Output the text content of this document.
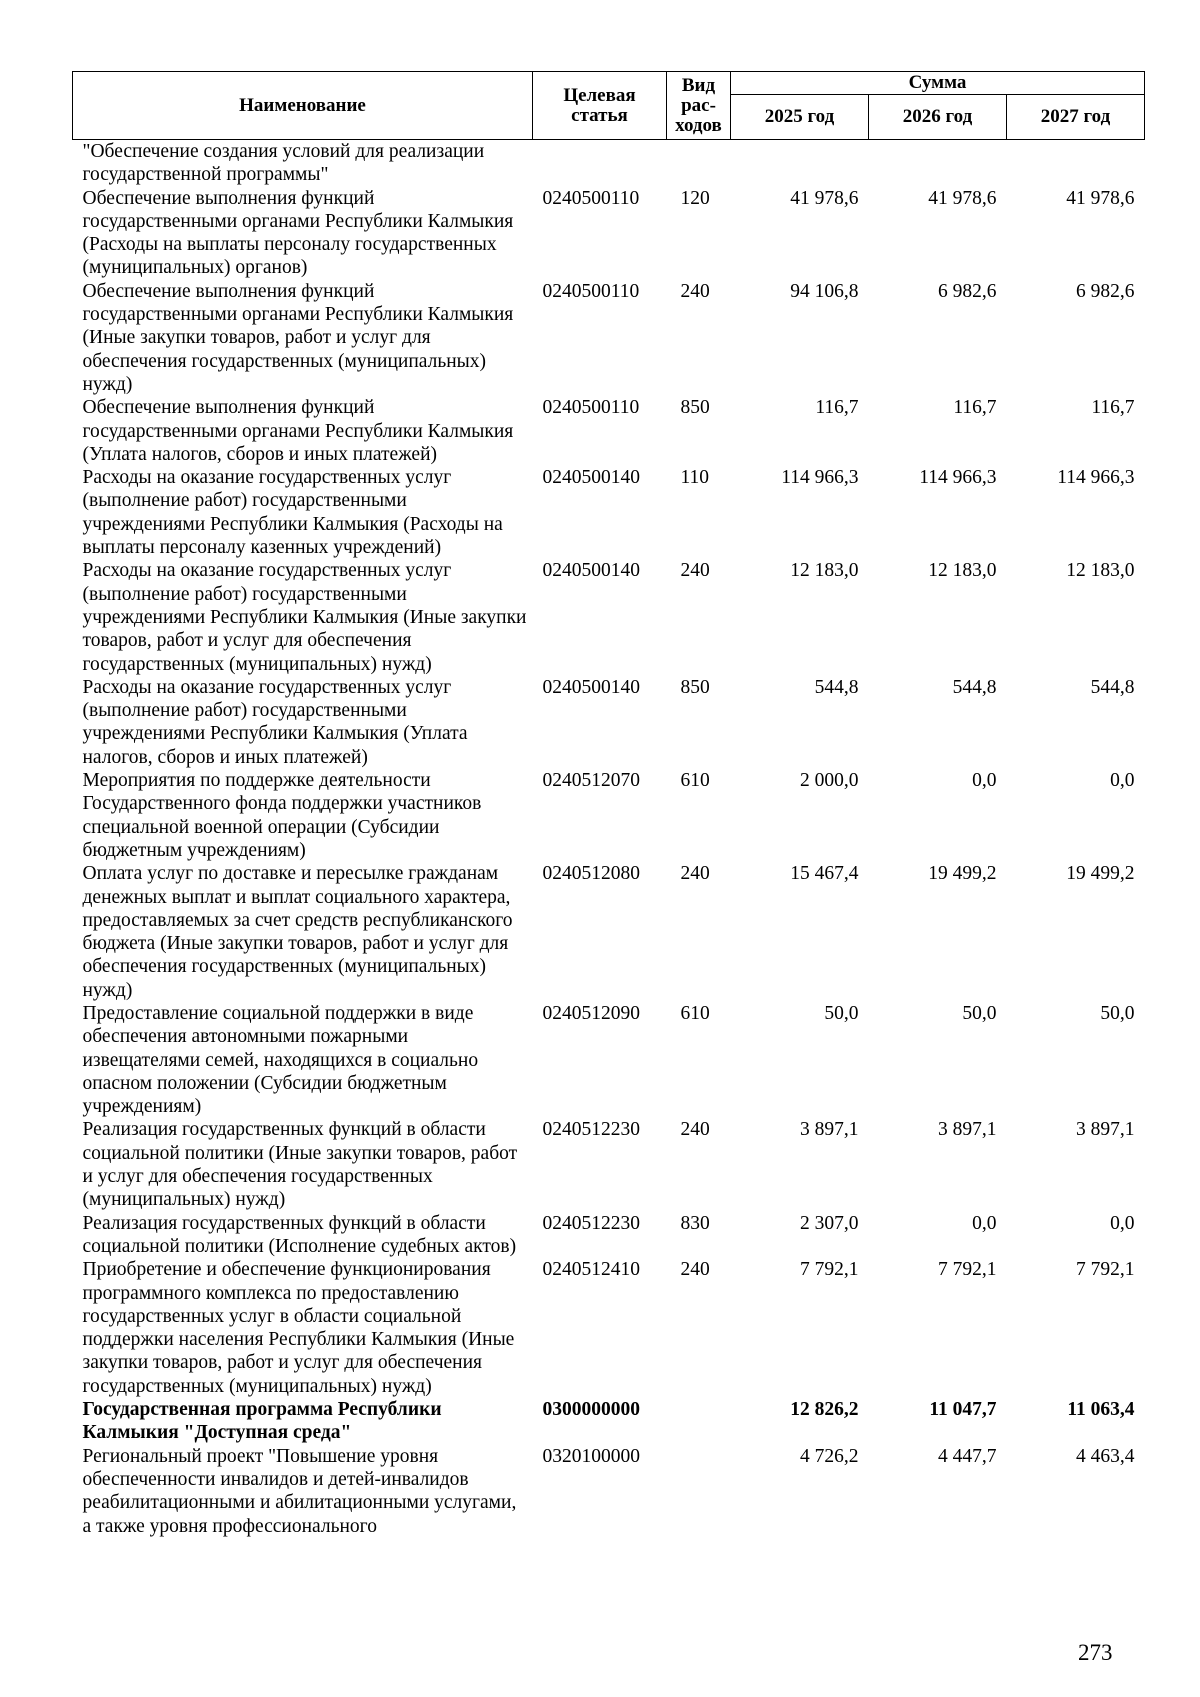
Наименование	Целевая статья	Вид рас-ходов	Сумма		
			2025 год	2026 год	2027 год
"Обеспечение создания условий для реализации государственной программы"					
Обеспечение выполнения функций государственными органами Республики Калмыкия (Расходы на выплаты персоналу государственных (муниципальных) органов)	0240500110	120	41 978,6	41 978,6	41 978,6
Обеспечение выполнения функций государственными органами Республики Калмыкия (Иные закупки товаров, работ и услуг для обеспечения государственных (муниципальных) нужд)	0240500110	240	94 106,8	6 982,6	6 982,6
Обеспечение выполнения функций государственными органами Республики Калмыкия (Уплата налогов, сборов и иных платежей)	0240500110	850	116,7	116,7	116,7
Расходы на оказание государственных услуг (выполнение работ) государственными учреждениями Республики Калмыкия (Расходы на выплаты персоналу казенных учреждений)	0240500140	110	114 966,3	114 966,3	114 966,3
Расходы на оказание государственных услуг (выполнение работ) государственными учреждениями Республики Калмыкия (Иные закупки товаров, работ и услуг для обеспечения государственных (муниципальных) нужд)	0240500140	240	12 183,0	12 183,0	12 183,0
Расходы на оказание государственных услуг (выполнение работ) государственными учреждениями Республики Калмыкия (Уплата налогов, сборов и иных платежей)	0240500140	850	544,8	544,8	544,8
Мероприятия по поддержке деятельности Государственного фонда поддержки участников специальной военной операции (Субсидии бюджетным учреждениям)	0240512070	610	2 000,0	0,0	0,0
Оплата услуг по доставке и пересылке гражданам денежных выплат и выплат социального характера, предоставляемых за счет средств республиканского бюджета (Иные закупки товаров, работ и услуг для обеспечения государственных (муниципальных) нужд)	0240512080	240	15 467,4	19 499,2	19 499,2
Предоставление социальной поддержки в виде обеспечения автономными пожарными извещателями семей, находящихся в социально опасном положении (Субсидии бюджетным учреждениям)	0240512090	610	50,0	50,0	50,0
Реализация государственных функций в области социальной политики (Иные закупки товаров, работ и услуг для обеспечения государственных (муниципальных) нужд)	0240512230	240	3 897,1	3 897,1	3 897,1
Реализация государственных функций в области социальной политики (Исполнение судебных актов)	0240512230	830	2 307,0	0,0	0,0
Приобретение и обеспечение функционирования программного комплекса по предоставлению государственных услуг в области социальной поддержки населения Республики Калмыкия (Иные закупки товаров, работ и услуг для обеспечения государственных (муниципальных) нужд)	0240512410	240	7 792,1	7 792,1	7 792,1
Государственная программа Республики Калмыкия "Доступная среда"	0300000000		12 826,2	11 047,7	11 063,4
Региональный проект "Повышение уровня обеспеченности инвалидов и детей-инвалидов реабилитационными и абилитационными услугами, а также уровня профессионального	0320100000		4 726,2	4 447,7	4 463,4
273
